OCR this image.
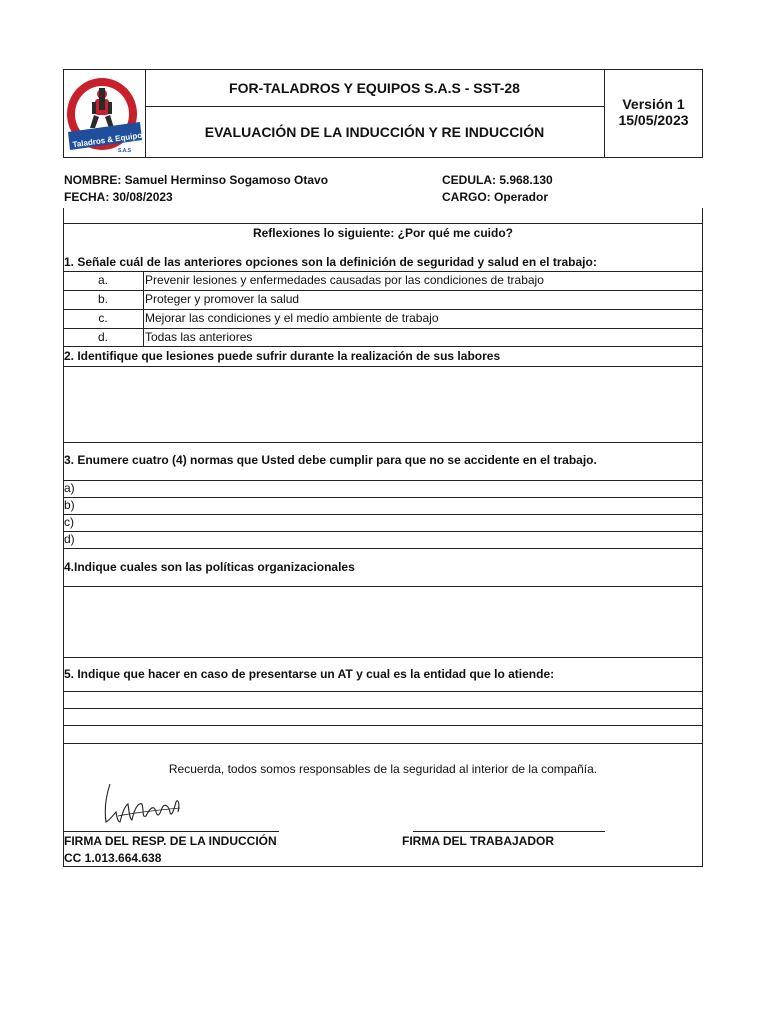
Taladros & Equipos
S.A.S
FOR-TALADROS Y EQUIPOS S.A.S - SST-28
EVALUACIÓN DE LA INDUCCIÓN Y RE INDUCCIÓN
Versión 1
15/05/2023
NOMBRE: Samuel Herminso Sogamoso Otavo
FECHA: 30/08/2023
CEDULA: 5.968.130
CARGO: Operador
Reflexiones lo siguiente: ¿Por qué me cuido?
1. Señale cuál de las anteriores opciones son la definición de seguridad y salud en el trabajo:
a.	Prevenir lesiones y enfermedades causadas por las condiciones de trabajo
b.	Proteger y promover la salud
c.	Mejorar las condiciones y el medio ambiente de trabajo
d.	Todas las anteriores
2. Identifique que lesiones puede sufrir durante la realización de sus labores
3. Enumere cuatro (4) normas que Usted debe cumplir para que no se accidente en el trabajo.
a)
b)
c)
d)
4.Indique cuales son las políticas organizacionales
5. Indique que hacer en caso de presentarse un AT y cual es la entidad que lo atiende:
Recuerda, todos somos responsables de la seguridad al interior de la compañía.
FIRMA DEL RESP. DE LA INDUCCIÓN
CC 1.013.664.638
FIRMA DEL TRABAJADOR
